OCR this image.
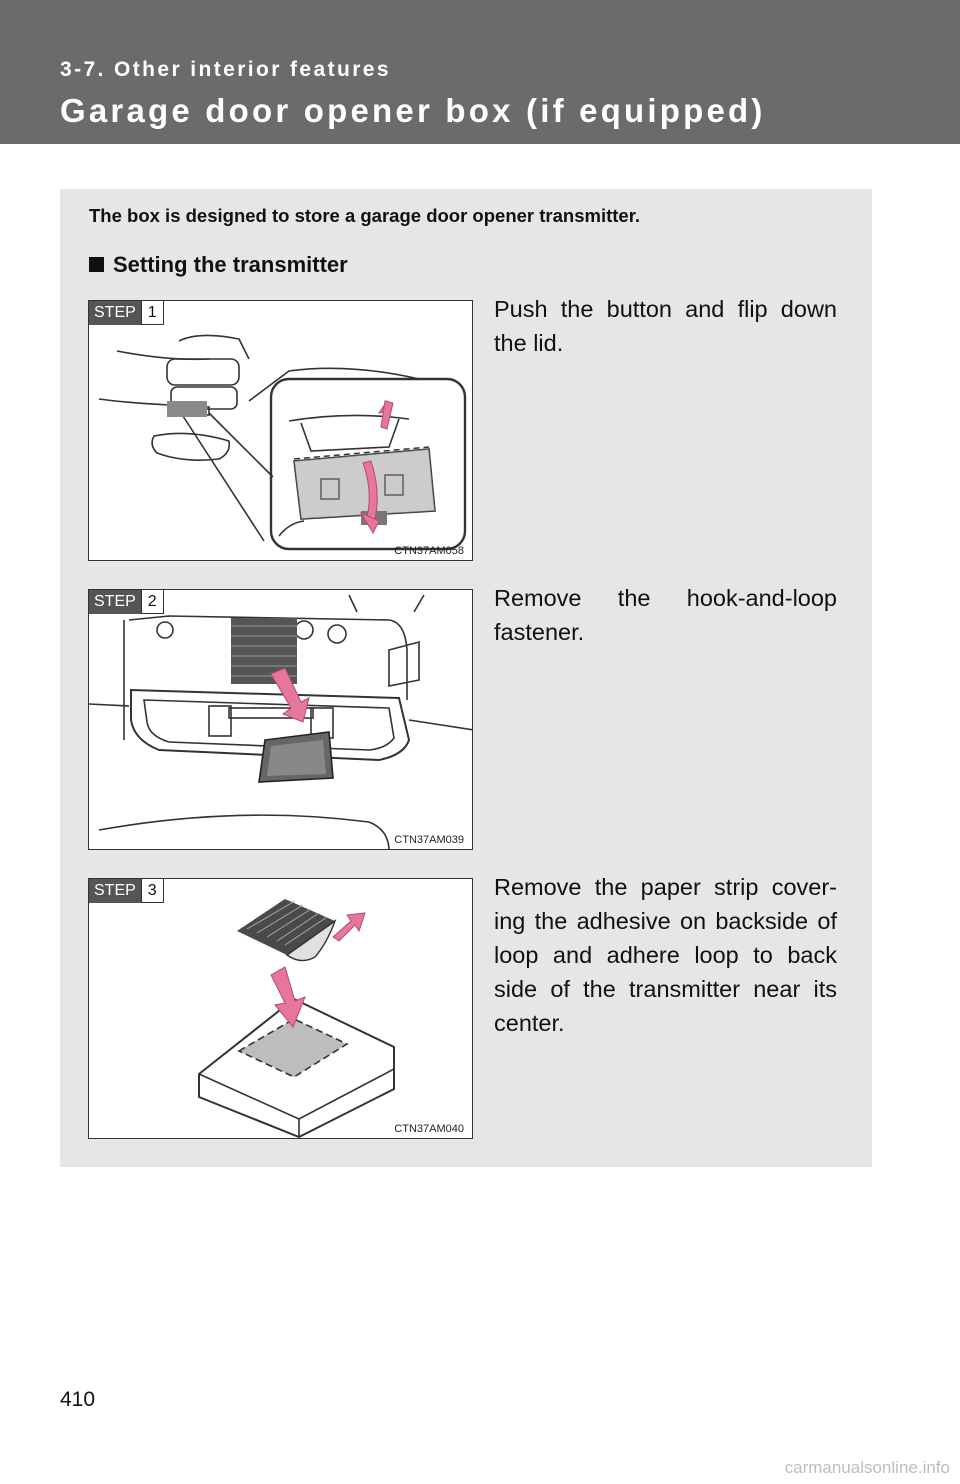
3-7. Other interior features

Garage door opener box (if equipped)

The box is designed to store a garage door opener transmitter.

Setting the transmitter

STEP 1
CTN37AM058

Push the button and flip down the lid.

STEP 2
CTN37AM039

Remove the hook-and-loop fastener.

STEP 3
CTN37AM040

Remove the paper strip cover-ing the adhesive on backside of loop and adhere loop to back side of the transmitter near its center.

410
carmanualsonline.info
